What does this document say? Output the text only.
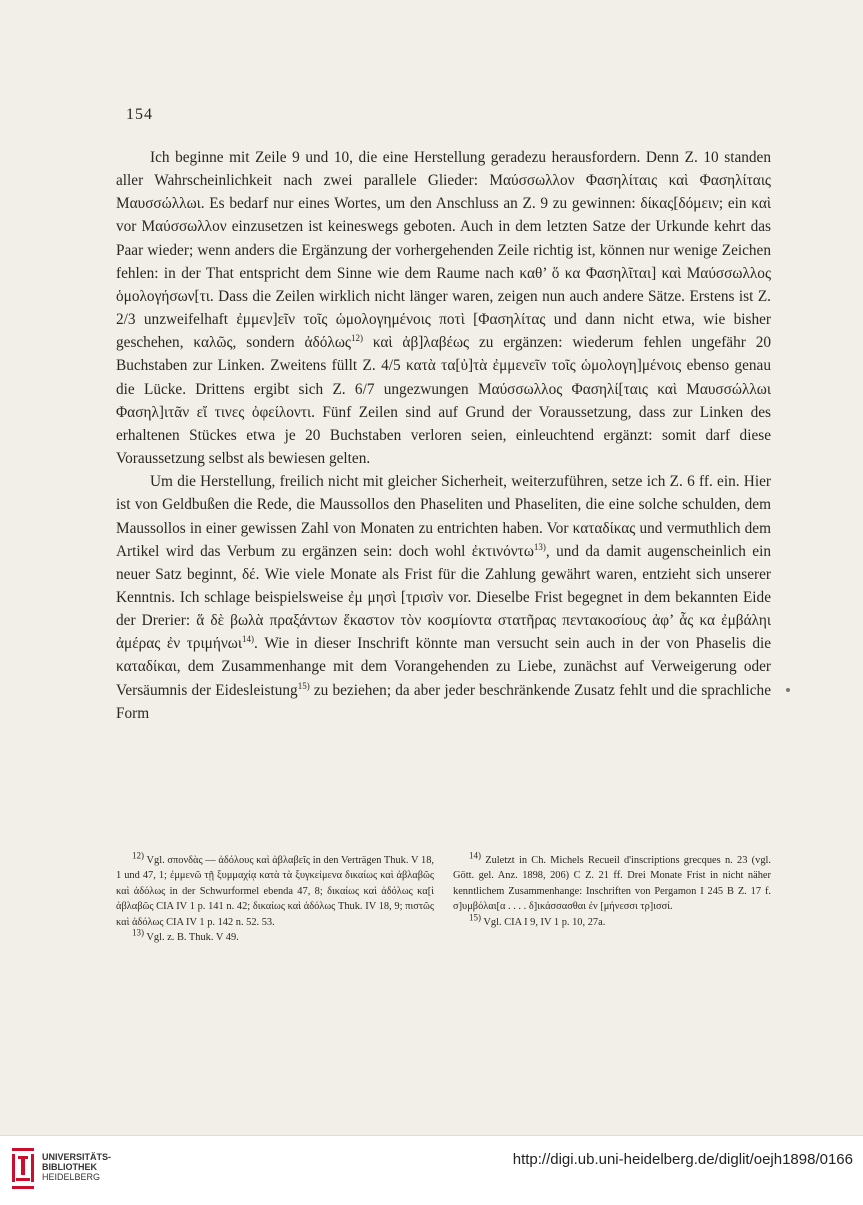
154

Ich beginne mit Zeile 9 und 10, die eine Herstellung geradezu herausfordern. Denn Z. 10 standen aller Wahrscheinlichkeit nach zwei parallele Glieder: Μαύσσωλλον Φασηλίταις καὶ Φασηλίταις Μαυσσώλλωι. Es bedarf nur eines Wortes, um den Anschluss an Z. 9 zu gewinnen: δίκας[δόμειν; ein καὶ vor Μαύσσωλλον einzusetzen ist keineswegs geboten. Auch in dem letzten Satze der Urkunde kehrt das Paar wieder; wenn anders die Ergänzung der vorhergehenden Zeile richtig ist, können nur wenige Zeichen fehlen: in der That entspricht dem Sinne wie dem Raume nach καθ’ ὅ κα Φασηλῖται] καὶ Μαύσσωλλος ὁμολογήσων[τι. Dass die Zeilen wirklich nicht länger waren, zeigen nun auch andere Sätze. Erstens ist Z. 2/3 unzweifelhaft ἐμμεν]εῖν τοῖς ὡμολογημένοις ποτὶ [Φασηλίτας und dann nicht etwa, wie bisher geschehen, καλῶς, sondern ἀδόλως$^{12)}$ καὶ ἀβ]λαβέως zu ergänzen: wiederum fehlen ungefähr 20 Buchstaben zur Linken. Zweitens füllt Z. 4/5 κατὰ τα[ὐ]τὰ ἐμμενεῖν τοῖς ὡμολογη]μένοις ebenso genau die Lücke. Drittens ergibt sich Z. 6/7 ungezwungen Μαύσσωλλος Φασηλί[ταις καὶ Μαυσσώλλωι Φασηλ]ιτᾶν εἴ τινες ὀφείλοντι. Fünf Zeilen sind auf Grund der Voraussetzung, dass zur Linken des erhaltenen Stückes etwa je 20 Buchstaben verloren seien, einleuchtend ergänzt: somit darf diese Voraussetzung selbst als bewiesen gelten.

Um die Herstellung, freilich nicht mit gleicher Sicherheit, weiterzuführen, setze ich Z. 6 ff. ein. Hier ist von Geldbußen die Rede, die Maussollos den Phaseliten und Phaseliten, die eine solche schulden, dem Maussollos in einer gewissen Zahl von Monaten zu entrichten haben. Vor καταδίκας und vermuthlich dem Artikel wird das Verbum zu ergänzen sein: doch wohl ἐκτινόντω$^{13)}$, und da damit augenscheinlich ein neuer Satz beginnt, δέ. Wie viele Monate als Frist für die Zahlung gewährt waren, entzieht sich unserer Kenntnis. Ich schlage beispielsweise ἐμ μησὶ [τρισὶν vor. Dieselbe Frist begegnet in dem bekannten Eide der Drerier: ἅ δὲ βωλὰ πραξάντων ἕκαστον τὸν κοσμίοντα στατῆρας πεντακοσίους ἀφ’ ἇς κα ἐμβάληι ἀμέρας ἐν τριμήνωι$^{14)}$. Wie in dieser Inschrift könnte man versucht sein auch in der von Phaselis die καταδίκαι, dem Zusammenhange mit dem Vorangehenden zu Liebe, zunächst auf Verweigerung oder Versäumnis der Eidesleistung$^{15)}$ zu beziehen; da aber jeder beschränkende Zusatz fehlt und die sprachliche Form

$^{12)}$ Vgl. σπονδὰς — ἀδόλους καὶ ἀβλαβεῖς in den Verträgen Thuk. V 18, 1 und 47, 1; ἐμμενῶ τῇ ξυμμαχίᾳ κατὰ τὰ ξυγκείμενα δικαίως καὶ ἀβλαβῶς καὶ ἀδόλως in der Schwurformel ebenda 47, 8; δικαίως καὶ ἀδόλως κα[ὶ ἀβλαβῶς CIA IV 1 p. 141 n. 42; δικαίως καὶ ἀδόλως Thuk. IV 18, 9; πιστῶς καὶ ἀδόλως CIA IV 1 p. 142 n. 52. 53.

$^{13)}$ Vgl. z. B. Thuk. V 49.

$^{14)}$ Zuletzt in Ch. Michels Recueil d'inscriptions grecques n. 23 (vgl. Gött. gel. Anz. 1898, 206) C Z. 21 ff. Drei Monate Frist in nicht näher kenntlichem Zusammenhange: Inschriften von Pergamon I 245 B Z. 17 f. σ]υμβόλαι[α . . . . δ]ικάσσασθαι ἐν [μήνεσσι τρ]ισσί.

$^{15)}$ Vgl. CIA I 9, IV 1 p. 10, 27a.

UNIVERSITÄTS-
BIBLIOTHEK
HEIDELBERG
http://digi.ub.uni-heidelberg.de/diglit/oejh1898/0166
